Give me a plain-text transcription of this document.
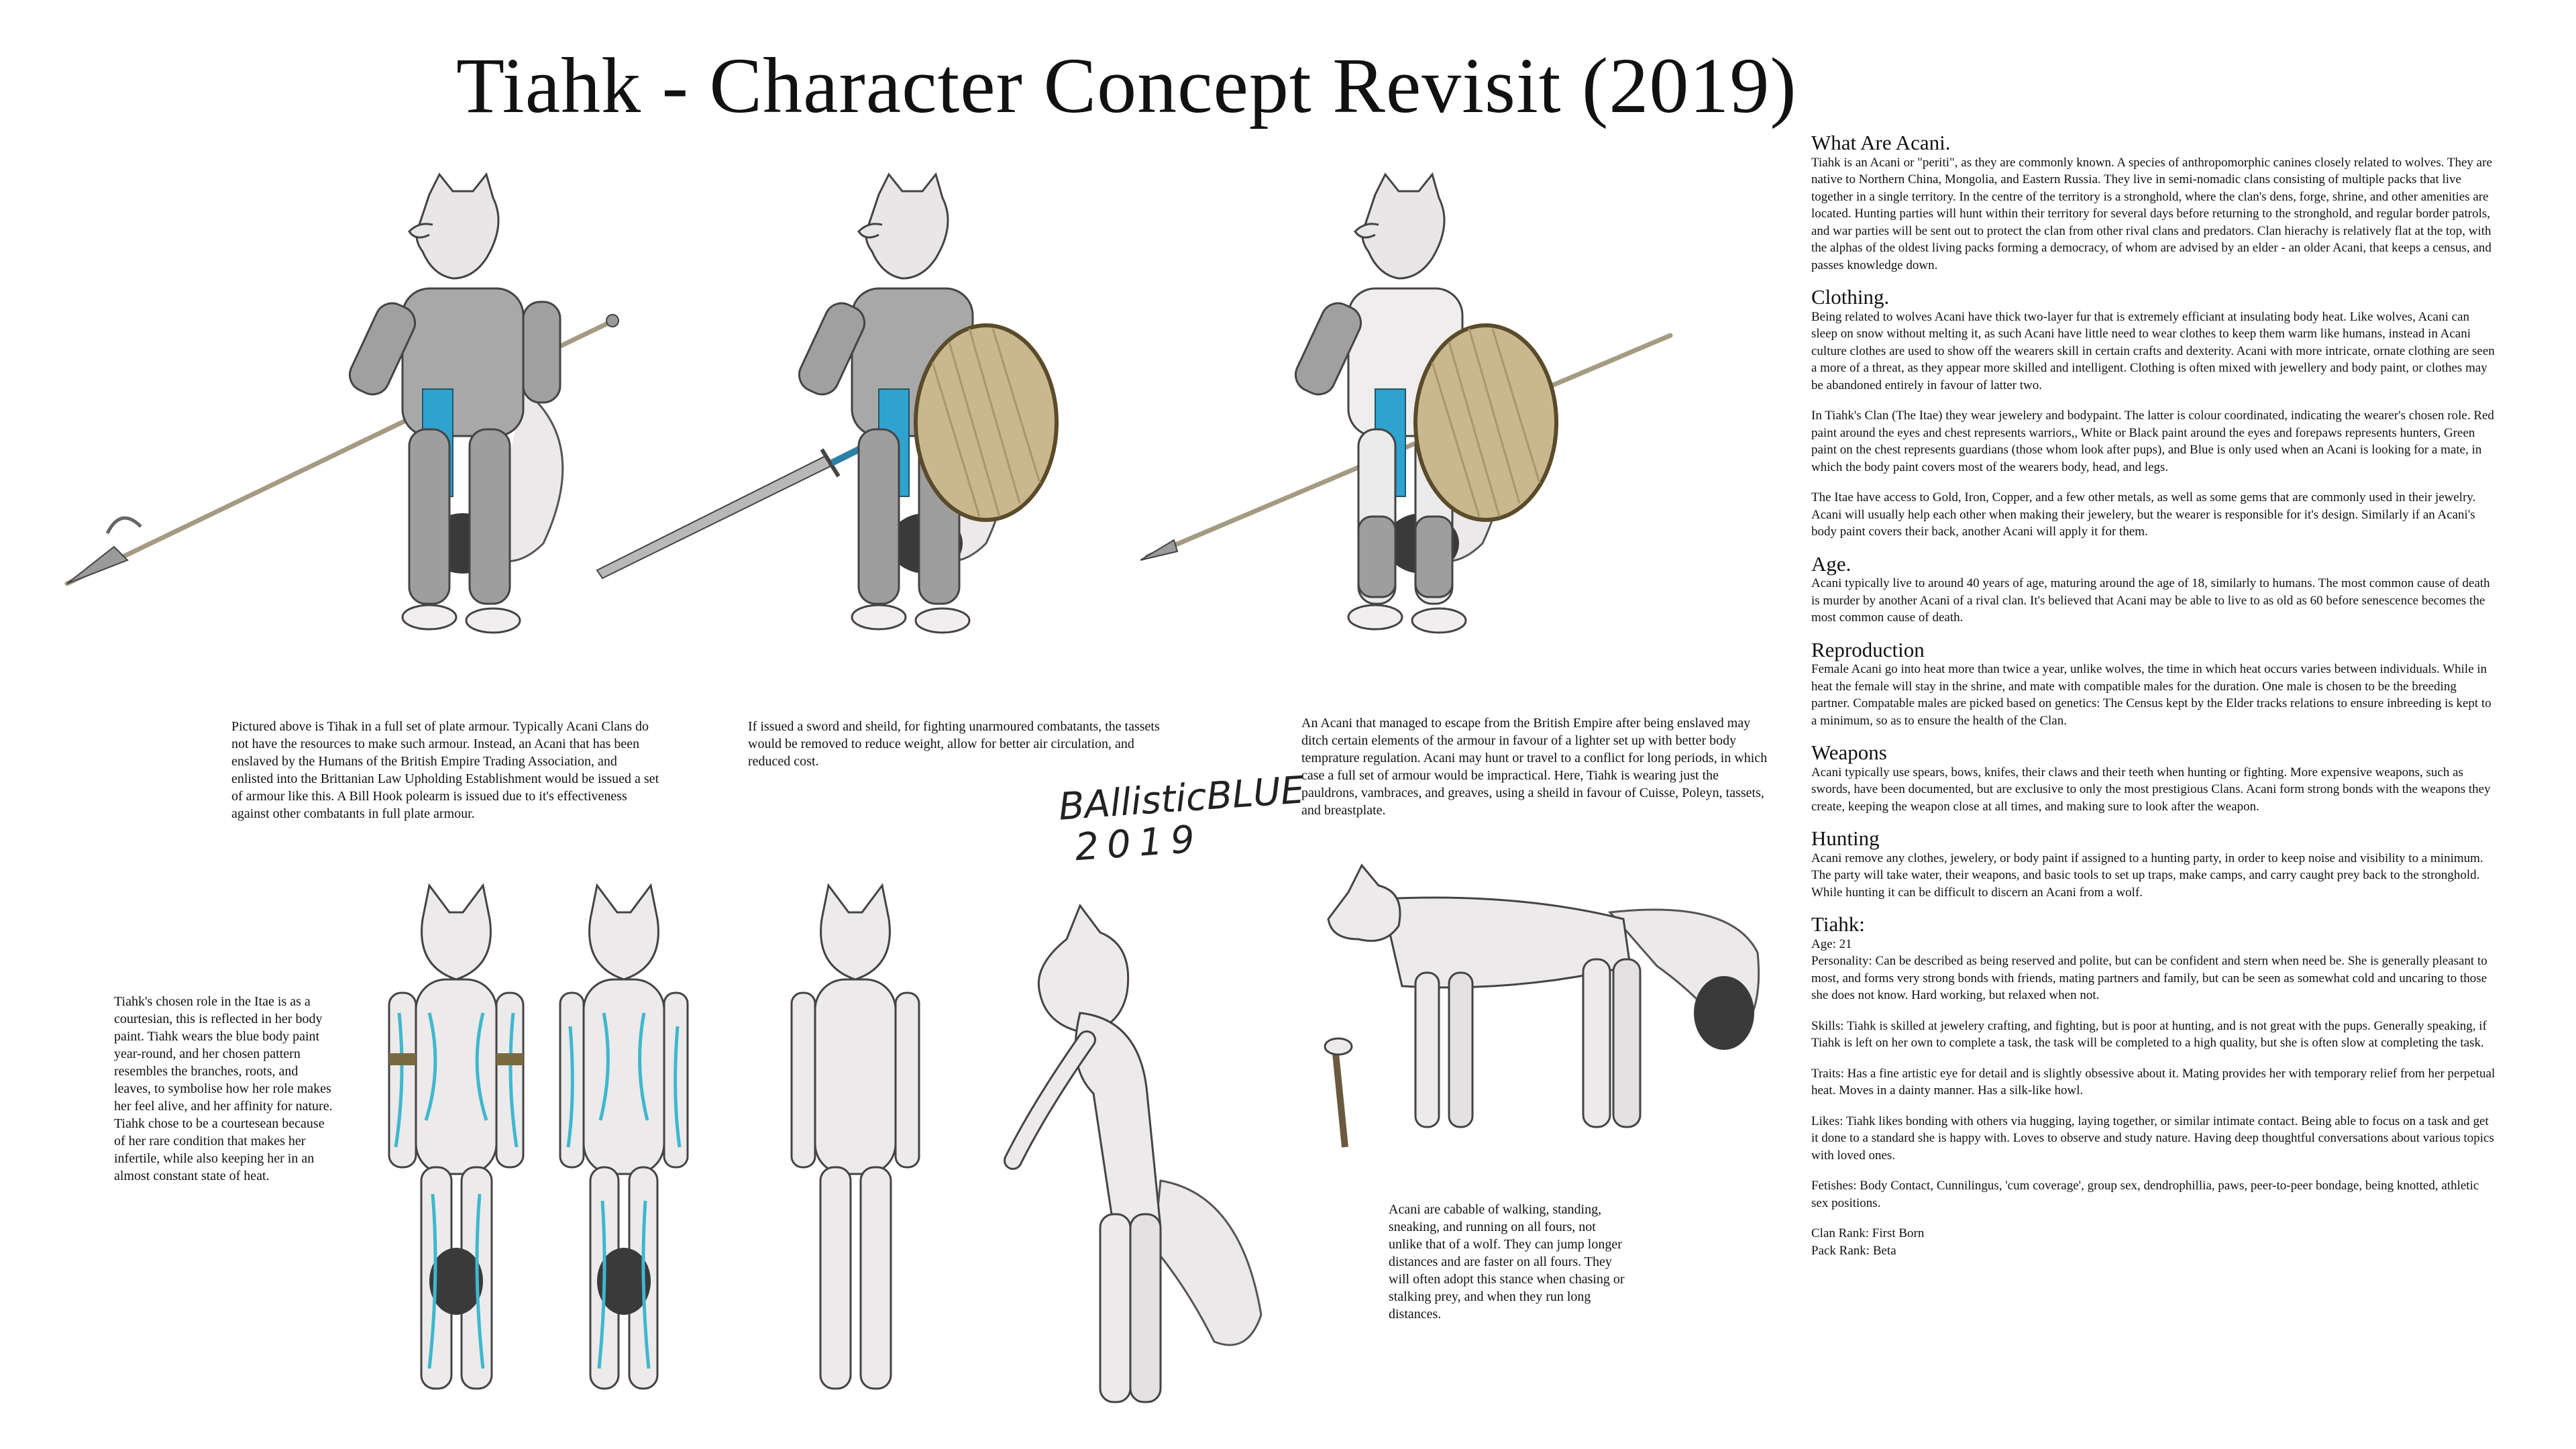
Tiahk - Character Concept Revisit (2019)
Pictured above is Tihak in a full set of plate armour. Typically Acani Clans do not have the resources to make such armour. Instead, an Acani that has been enslaved by the Humans of the British Empire Trading Association, and enlisted into the Brittanian Law Upholding Establishment would be issued a set of armour like this. A Bill Hook polearm is issued due to it's effectiveness against other combatants in full plate armour.
If issued a sword and sheild, for fighting unarmoured combatants, the tassets would be removed to reduce weight, allow for better air circulation, and reduced cost.
An Acani that managed to escape from the British Empire after being enslaved may ditch certain elements of the armour in favour of a lighter set up with better body temprature regulation. Acani may hunt or travel to a conflict for long periods, in which case a full set of armour would be impractical. Here, Tiahk is wearing just the pauldrons, vambraces, and greaves, using a sheild in favour of Cuisse, Poleyn, tassets, and breastplate.
BAllisticBLUE
2019
Tiahk's chosen role in the Itae is as a courtesian, this is reflected in her body paint. Tiahk wears the blue body paint year-round, and her chosen pattern resembles the branches, roots, and leaves, to symbolise how her role makes her feel alive, and her affinity for nature. Tiahk chose to be a courtesean because of her rare condition that makes her infertile, while also keeping her in an almost constant state of heat.
Acani are cabable of walking, standing, sneaking, and running on all fours, not unlike that of a wolf. They can jump longer distances and are faster on all fours. They will often adopt this stance when chasing or stalking prey, and when they run long distances.
What Are Acani.

Tiahk is an Acani or "periti", as they are commonly known. A species of anthropomorphic canines closely related to wolves. They are native to Northern China, Mongolia, and Eastern Russia. They live in semi-nomadic clans consisting of multiple packs that live together in a single territory. In the centre of the territory is a stronghold, where the clan's dens, forge, shrine, and other amenities are located. Hunting parties will hunt within their territory for several days before returning to the stronghold, and regular border patrols, and war parties will be sent out to protect the clan from other rival clans and predators. Clan hierachy is relatively flat at the top, with the alphas of the oldest living packs forming a democracy, of whom are advised by an elder - an older Acani, that keeps a census, and passes knowledge down.

Clothing.

Being related to wolves Acani have thick two-layer fur that is extremely efficiant at insulating body heat. Like wolves, Acani can sleep on snow without melting it, as such Acani have little need to wear clothes to keep them warm like humans, instead in Acani culture clothes are used to show off the wearers skill in certain crafts and dexterity. Acani with more intricate, ornate clothing are seen a more of a threat, as they appear more skilled and intelligent. Clothing is often mixed with jewellery and body paint, or clothes may be abandoned entirely in favour of latter two.

In Tiahk's Clan (The Itae) they wear jewelery and bodypaint. The latter is colour coordinated, indicating the wearer's chosen role. Red paint around the eyes and chest represents warriors,, White or Black paint around the eyes and forepaws represents hunters, Green paint on the chest represents guardians (those whom look after pups), and Blue is only used when an Acani is looking for a mate, in which the body paint covers most of the wearers body, head, and legs.

The Itae have access to Gold, Iron, Copper, and a few other metals, as well as some gems that are commonly used in their jewelry. Acani will usually help each other when making their jewelery, but the wearer is responsible for it's design. Similarly if an Acani's body paint covers their back, another Acani will apply it for them.

Age.

Acani typically live to around 40 years of age, maturing around the age of 18, similarly to humans. The most common cause of death is murder by another Acani of a rival clan. It's believed that Acani may be able to live to as old as 60 before senescence becomes the most common cause of death.

Reproduction

Female Acani go into heat more than twice a year, unlike wolves, the time in which heat occurs varies between individuals. While in heat the female will stay in the shrine, and mate with compatible males for the duration. One male is chosen to be the breeding partner. Compatable males are picked based on genetics: The Census kept by the Elder tracks relations to ensure inbreeding is kept to a minimum, so as to ensure the health of the Clan.

Weapons

Acani typically use spears, bows, knifes, their claws and their teeth when hunting or fighting. More expensive weapons, such as swords, have been documented, but are exclusive to only the most prestigious Clans. Acani form strong bonds with the weapons they create, keeping the weapon close at all times, and making sure to look after the weapon.

Hunting

Acani remove any clothes, jewelery, or body paint if assigned to a hunting party, in order to keep noise and visibility to a minimum. The party will take water, their weapons, and basic tools to set up traps, make camps, and carry caught prey back to the stronghold. While hunting it can be difficult to discern an Acani from a wolf.

Tiahk:

Age: 21

Personality: Can be described as being reserved and polite, but can be confident and stern when need be. She is generally pleasant to most, and forms very strong bonds with friends, mating partners and family, but can be seen as somewhat cold and uncaring to those she does not know. Hard working, but relaxed when not.

Skills: Tiahk is skilled at jewelery crafting, and fighting, but is poor at hunting, and is not great with the pups. Generally speaking, if Tiahk is left on her own to complete a task, the task will be completed to a high quality, but she is often slow at completing the task.

Traits: Has a fine artistic eye for detail and is slightly obsessive about it. Mating provides her with temporary relief from her perpetual heat. Moves in a dainty manner. Has a silk-like howl.

Likes: Tiahk likes bonding with others via hugging, laying together, or similar intimate contact. Being able to focus on a task and get it done to a standard she is happy with. Loves to observe and study nature. Having deep thoughtful conversations about various topics with loved ones.

Fetishes: Body Contact, Cunnilingus, 'cum coverage', group sex, dendrophillia, paws, peer-to-peer bondage, being knotted, athletic sex positions.

Clan Rank: First Born

Pack Rank: Beta
